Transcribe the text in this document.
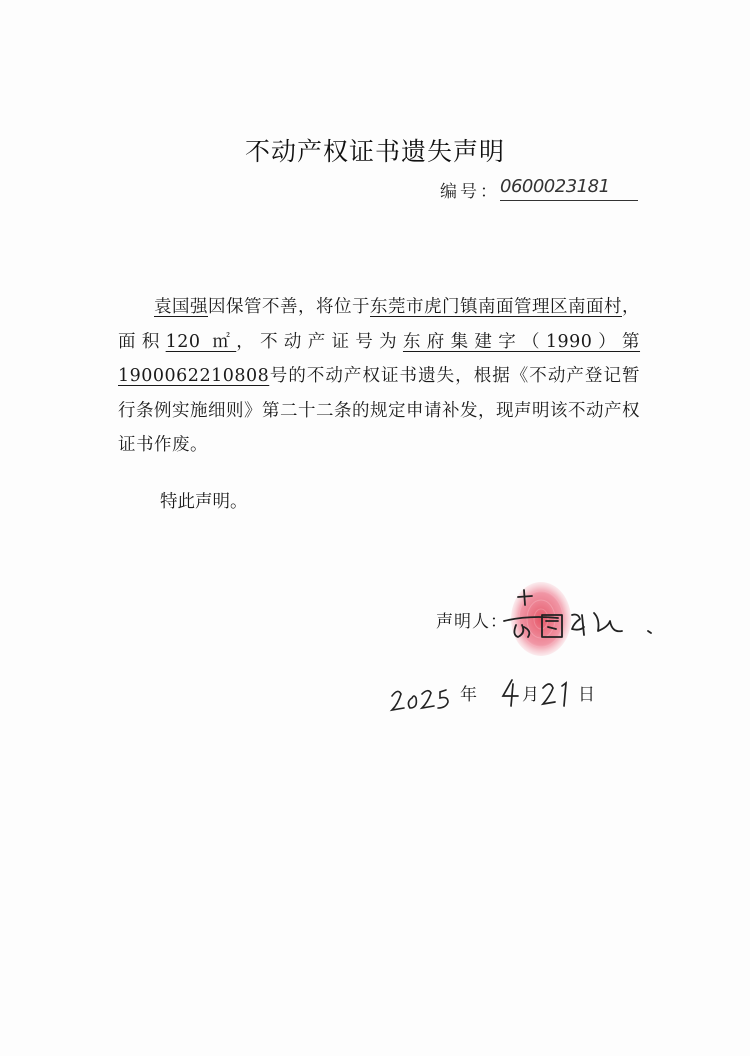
不动产权证书遗失声明
编号： 0600023181

  袁国强因保管不善，将位于东莞市虎门镇南面管理区南面村，面积120 ㎡，不动产证号为东府集建字（1990）第1900062210808号的不动产权证书遗失，根据《不动产登记暂行条例实施细则》第二十二条的规定申请补发，现声明该不动产权证书作废。

特此声明。
声明人：
年	月 日
